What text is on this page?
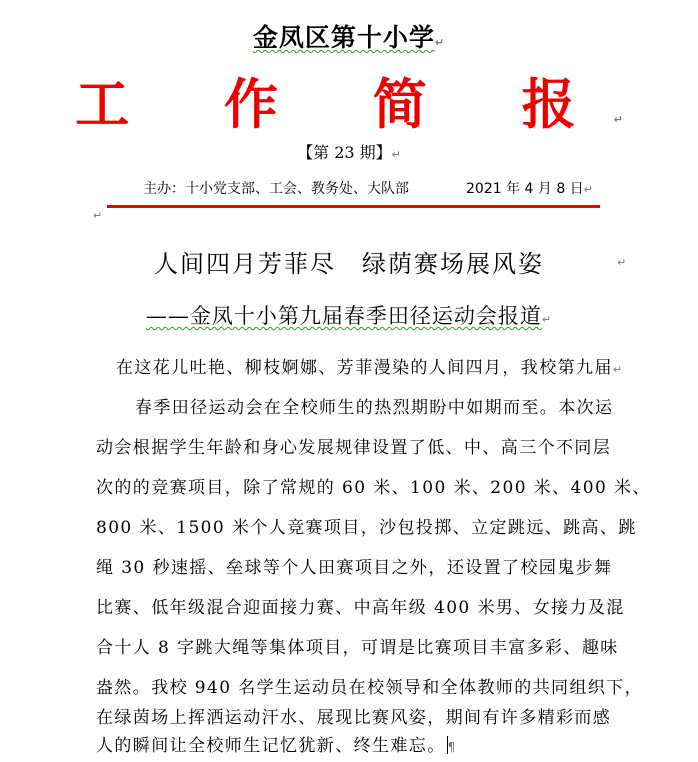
金凤区第十小学↵
工 作 简 报↵
【第 23 期】↵
主办：十小党支部、工会、教务处、大队部	2021 年 4 月 8 日↵
↵
人间四月芳菲尽　绿荫赛场展风姿	↵
——金凤十小第九届春季田径运动会报道↵
在这花儿吐艳、柳枝婀娜、芳菲漫染的人间四月，我校第九届↵
春季田径运动会在全校师生的热烈期盼中如期而至。本次运
动会根据学生年龄和身心发展规律设置了低、中、高三个不同层
次的的竞赛项目，除了常规的 60 米、100 米、200 米、400 米、
800 米、1500 米个人竞赛项目，沙包投掷、立定跳远、跳高、跳
绳 30 秒速摇、垒球等个人田赛项目之外，还设置了校园鬼步舞
比赛、低年级混合迎面接力赛、中高年级 400 米男、女接力及混
合十人 8 字跳大绳等集体项目，可谓是比赛项目丰富多彩、趣味
盎然。我校 940 名学生运动员在校领导和全体教师的共同组织下，
在绿茵场上挥洒运动汗水、展现比赛风姿，期间有许多精彩而感
人的瞬间让全校师生记忆犹新、终生难忘。 ¶
